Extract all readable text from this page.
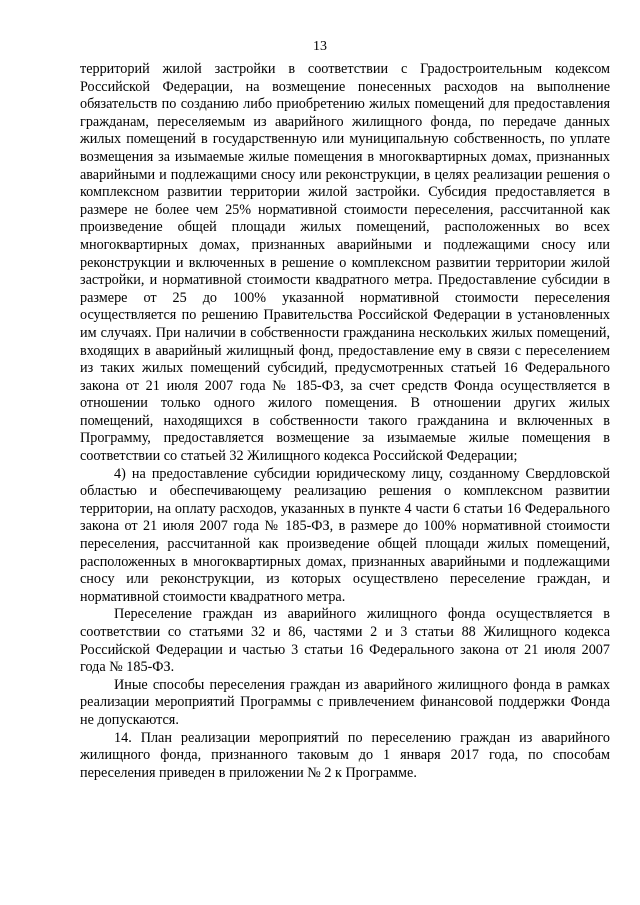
13

территорий жилой застройки в соответствии с Градостроительным кодексом Российской Федерации, на возмещение понесенных расходов на выполнение обязательств по созданию либо приобретению жилых помещений для предоставления гражданам, переселяемым из аварийного жилищного фонда, по передаче данных жилых помещений в государственную или муниципальную собственность, по уплате возмещения за изымаемые жилые помещения в многоквартирных домах, признанных аварийными и подлежащими сносу или реконструкции, в целях реализации решения о комплексном развитии территории жилой застройки. Субсидия предоставляется в размере не более чем 25% нормативной стоимости переселения, рассчитанной как произведение общей площади жилых помещений, расположенных во всех многоквартирных домах, признанных аварийными и подлежащими сносу или реконструкции и включенных в решение о комплексном развитии территории жилой застройки, и нормативной стоимости квадратного метра. Предоставление субсидии в размере от 25 до 100% указанной нормативной стоимости переселения осуществляется по решению Правительства Российской Федерации в установленных им случаях. При наличии в собственности гражданина нескольких жилых помещений, входящих в аварийный жилищный фонд, предоставление ему в связи с переселением из таких жилых помещений субсидий, предусмотренных статьей 16 Федерального закона от 21 июля 2007 года № 185-ФЗ, за счет средств Фонда осуществляется в отношении только одного жилого помещения. В отношении других жилых помещений, находящихся в собственности такого гражданина и включенных в Программу, предоставляется возмещение за изымаемые жилые помещения в соответствии со статьей 32 Жилищного кодекса Российской Федерации;

4) на предоставление субсидии юридическому лицу, созданному Свердловской областью и обеспечивающему реализацию решения о комплексном развитии территории, на оплату расходов, указанных в пункте 4 части 6 статьи 16 Федерального закона от 21 июля 2007 года № 185-ФЗ, в размере до 100% нормативной стоимости переселения, рассчитанной как произведение общей площади жилых помещений, расположенных в многоквартирных домах, признанных аварийными и подлежащими сносу или реконструкции, из которых осуществлено переселение граждан, и нормативной стоимости квадратного метра.

Переселение граждан из аварийного жилищного фонда осуществляется в соответствии со статьями 32 и 86, частями 2 и 3 статьи 88 Жилищного кодекса Российской Федерации и частью 3 статьи 16 Федерального закона от 21 июля 2007 года № 185-ФЗ.

Иные способы переселения граждан из аварийного жилищного фонда в рамках реализации мероприятий Программы с привлечением финансовой поддержки Фонда не допускаются.

14. План реализации мероприятий по переселению граждан из аварийного жилищного фонда, признанного таковым до 1 января 2017 года, по способам переселения приведен в приложении № 2 к Программе.
